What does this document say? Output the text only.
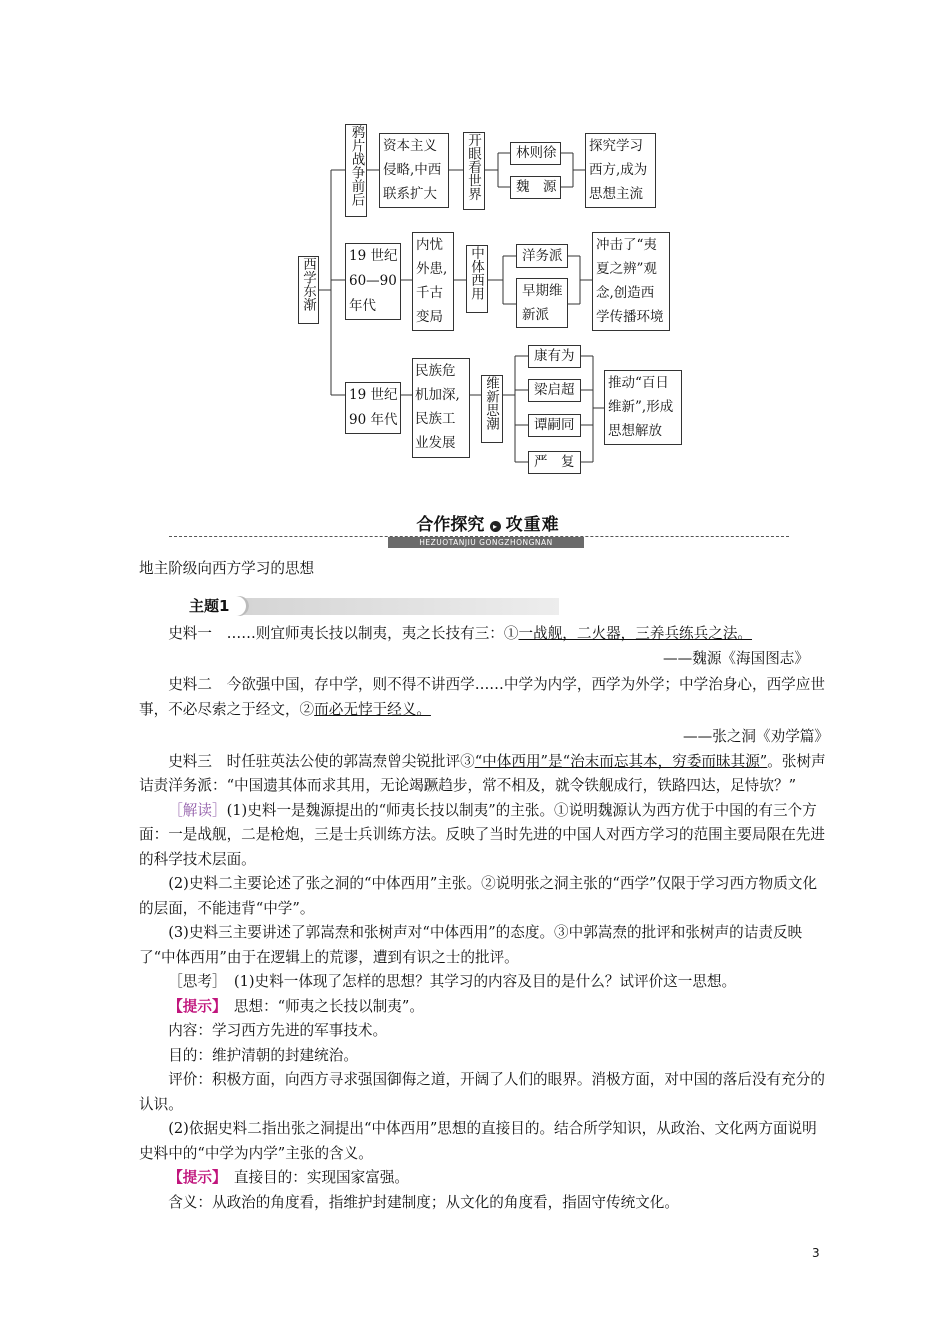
西学东渐
鸦片战争前后 资本主义
侵略,中西
联系扩大	开眼看世界	林则徐
魏　源
探究学习
西方,成为
思想主流
19 世纪
60—90
年代
内忧
外患,
千古
变局
中体西用	洋务派
早期维
新派
冲击了“夷
夏之辨”观
念,创造西
学传播环境
19 世纪
90 年代
民族危
机加深,
民族工
业发展
维新思潮
康有为
梁启超
谭嗣同
严　复
推动“百日
维新”,形成
思想解放
合作探究 ▸ 攻重难
HEZUOTANJIU GONGZHONGNAN

地主阶级向西方学习的思想

主题1

史料一　 ……则宜师夷长技以制夷，夷之长技有三：①一战舰，二火器，三养兵练兵之法。

——魏源《海国图志》

史料二　 今欲强中国，存中学，则不得不讲西学……中学为内学，西学为外学；中学治身心，西学应世事，不必尽索之于经文，②而必无悖于经义。

——张之洞《劝学篇》

史料三　 时任驻英法公使的郭嵩焘曾尖锐批评③“中体西用”是“治末而忘其本，穷委而昧其源”。张树声诘责洋务派：“中国遗其体而求其用，无论竭蹶趋步，常不相及，就令铁舰成行，铁路四达，足恃欤？”

［解读］(1)史料一是魏源提出的“师夷长技以制夷”的主张。①说明魏源认为西方优于中国的有三个方面：一是战舰，二是枪炮，三是士兵训练方法。反映了当时先进的中国人对西方学习的范围主要局限在先进的科学技术层面。

(2)史料二主要论述了张之洞的“中体西用”主张。②说明张之洞主张的“西学”仅限于学习西方物质文化的层面，不能违背“中学”。

(3)史料三主要讲述了郭嵩焘和张树声对“中体西用”的态度。③中郭嵩焘的批评和张树声的诘责反映了“中体西用”由于在逻辑上的荒谬，遭到有识之士的批评。

［思考］　 (1)史料一体现了怎样的思想？其学习的内容及目的是什么？试评价这一思想。

【提示】　 思想：“师夷之长技以制夷”。

内容：学习西方先进的军事技术。

目的：维护清朝的封建统治。

评价：积极方面，向西方寻求强国御侮之道，开阔了人们的眼界。消极方面，对中国的落后没有充分的认识。

(2)依据史料二指出张之洞提出“中体西用”思想的直接目的。结合所学知识，从政治、文化两方面说明史料中的“中学为内学”主张的含义。

【提示】　 直接目的：实现国家富强。

含义：从政治的角度看，指维护封建制度；从文化的角度看，指固守传统文化。

3
